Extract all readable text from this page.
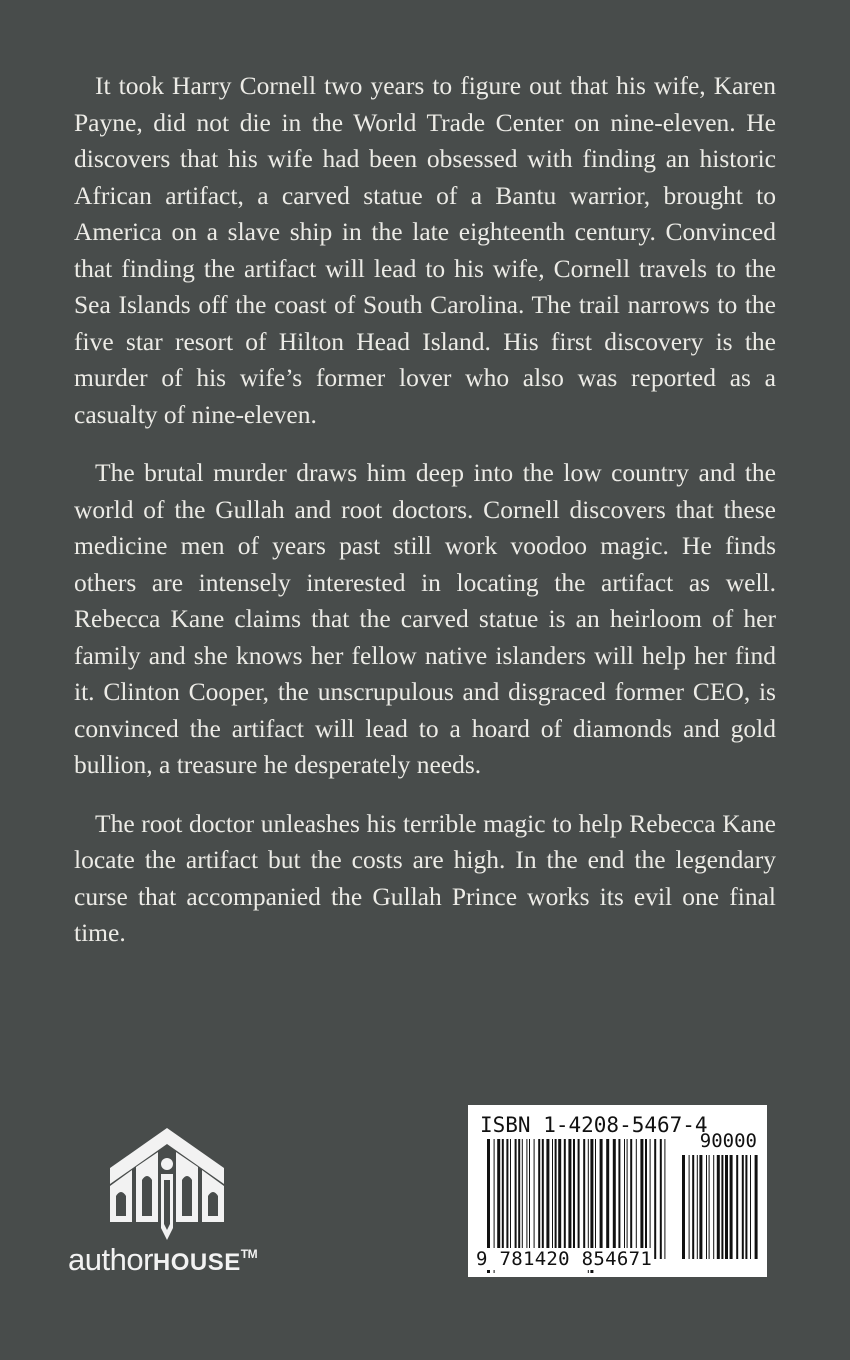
It took Harry Cornell two years to figure out that his wife, Karen Payne, did not die in the World Trade Center on nine-eleven. He discovers that his wife had been obsessed with finding an historic African artifact, a carved statue of a Bantu warrior, brought to America on a slave ship in the late eighteenth century. Convinced that finding the artifact will lead to his wife, Cornell travels to the Sea Islands off the coast of South Carolina. The trail narrows to the five star resort of Hilton Head Island. His first discovery is the murder of his wife’s former lover who also was reported as a casualty of nine-eleven.

The brutal murder draws him deep into the low country and the world of the Gullah and root doctors. Cornell discovers that these medicine men of years past still work voodoo magic. He finds others are intensely interested in locating the artifact as well. Rebecca Kane claims that the carved statue is an heirloom of her family and she knows her fellow native islanders will help her find it. Clinton Cooper, the unscrupulous and disgraced former CEO, is convinced the artifact will lead to a hoard of diamonds and gold bullion, a treasure he desperately needs.

The root doctor unleashes his terrible magic to help Rebecca Kane locate the artifact but the costs are high. In the end the legendary curse that accompanied the Gullah Prince works its evil one final time.

authorHOUSE™
ISBN 1-4208-5467-4
90000
9 781420 854671
